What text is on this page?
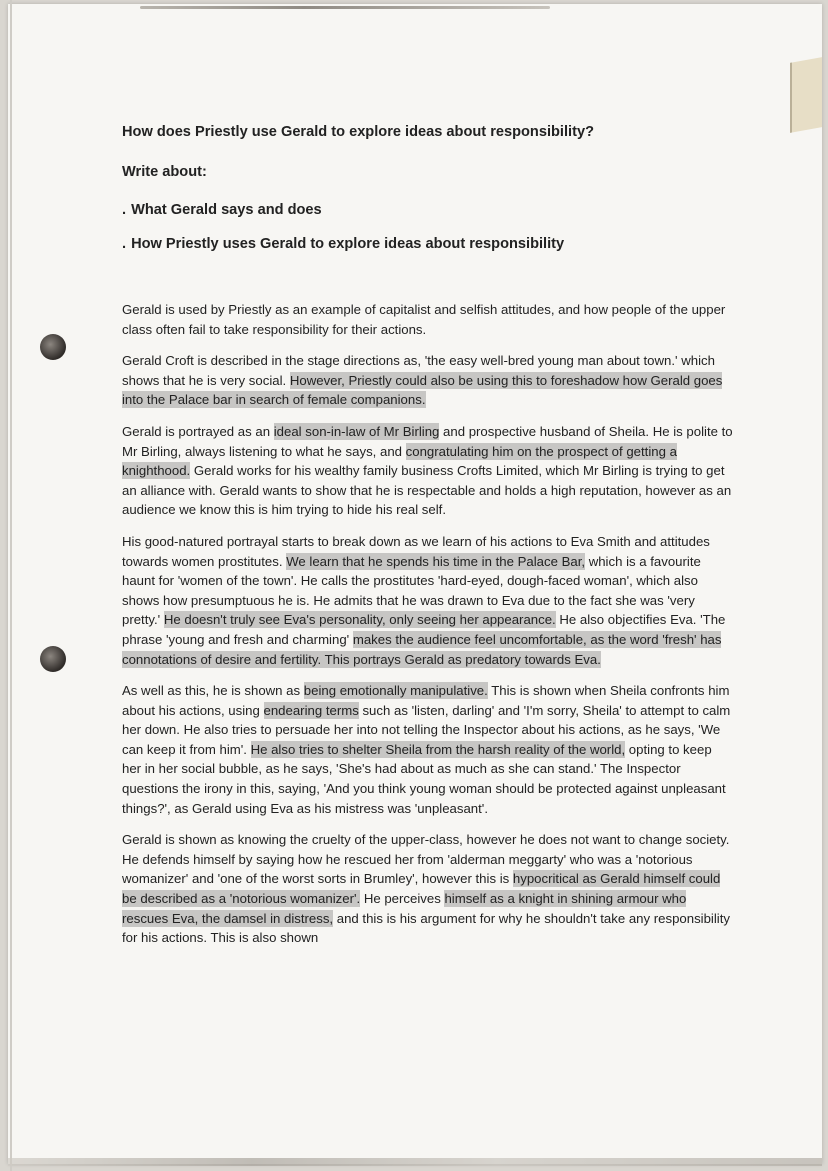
How does Priestly use Gerald to explore ideas about responsibility?
Write about:
. What Gerald says and does
. How Priestly uses Gerald to explore ideas about responsibility

Gerald is used by Priestly as an example of capitalist and selfish attitudes, and how people of the upper class often fail to take responsibility for their actions.

Gerald Croft is described in the stage directions as, 'the easy well-bred young man about town.' which shows that he is very social. However, Priestly could also be using this to foreshadow how Gerald goes into the Palace bar in search of female companions.

Gerald is portrayed as an ideal son-in-law of Mr Birling and prospective husband of Sheila. He is polite to Mr Birling, always listening to what he says, and congratulating him on the prospect of getting a knighthood. Gerald works for his wealthy family business Crofts Limited, which Mr Birling is trying to get an alliance with. Gerald wants to show that he is respectable and holds a high reputation, however as an audience we know this is him trying to hide his real self.

His good-natured portrayal starts to break down as we learn of his actions to Eva Smith and attitudes towards women prostitutes. We learn that he spends his time in the Palace Bar, which is a favourite haunt for 'women of the town'. He calls the prostitutes 'hard-eyed, dough-faced woman', which also shows how presumptuous he is. He admits that he was drawn to Eva due to the fact she was 'very pretty.' He doesn't truly see Eva's personality, only seeing her appearance. He also objectifies Eva. 'The phrase 'young and fresh and charming' makes the audience feel uncomfortable, as the word 'fresh' has connotations of desire and fertility. This portrays Gerald as predatory towards Eva.

As well as this, he is shown as being emotionally manipulative. This is shown when Sheila confronts him about his actions, using endearing terms such as 'listen, darling' and 'I'm sorry, Sheila' to attempt to calm her down. He also tries to persuade her into not telling the Inspector about his actions, as he says, 'We can keep it from him'. He also tries to shelter Sheila from the harsh reality of the world, opting to keep her in her social bubble, as he says, 'She's had about as much as she can stand.' The Inspector questions the irony in this, saying, 'And you think young woman should be protected against unpleasant things?', as Gerald using Eva as his mistress was 'unpleasant'.

Gerald is shown as knowing the cruelty of the upper-class, however he does not want to change society. He defends himself by saying how he rescued her from 'alderman meggarty' who was a 'notorious womanizer' and 'one of the worst sorts in Brumley', however this is hypocritical as Gerald himself could be described as a 'notorious womanizer'. He perceives himself as a knight in shining armour who rescues Eva, the damsel in distress, and this is his argument for why he shouldn't take any responsibility for his actions. This is also shown
